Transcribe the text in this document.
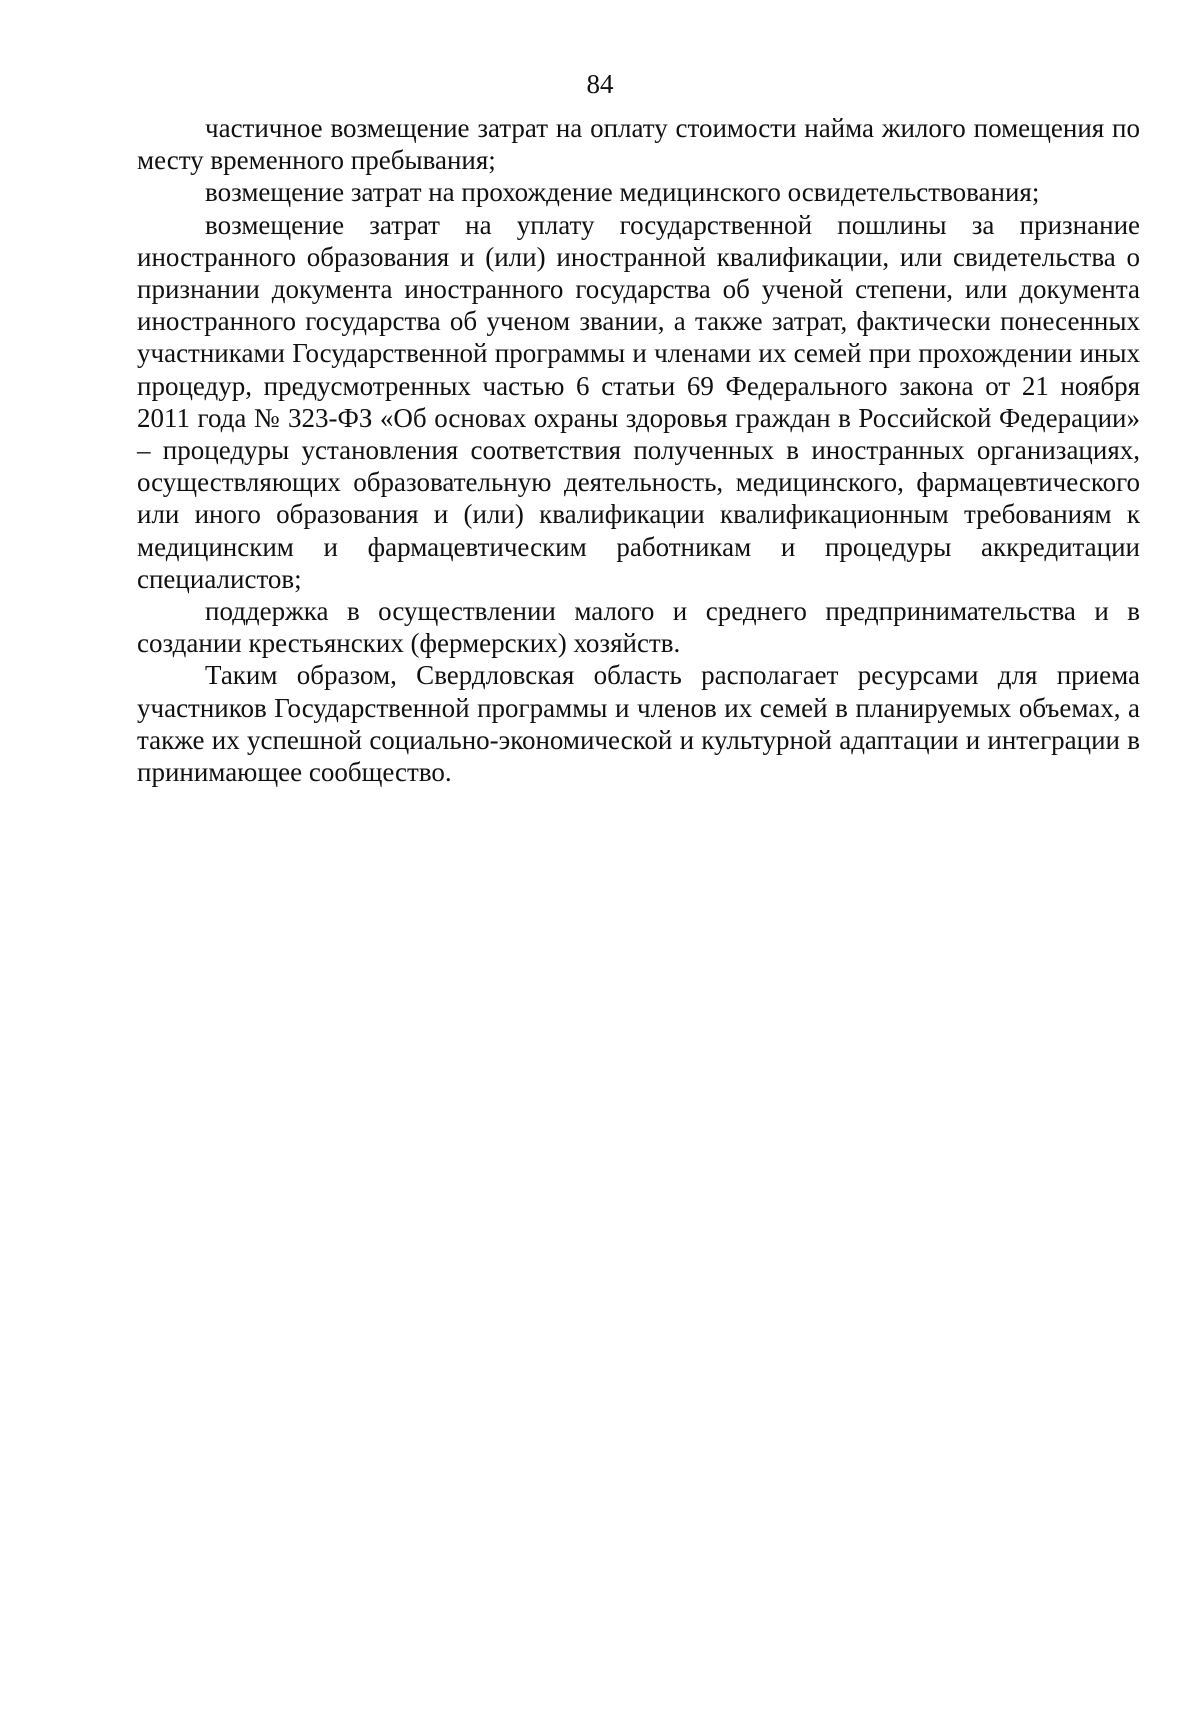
84

частичное возмещение затрат на оплату стоимости найма жилого помещения по месту временного пребывания;

возмещение затрат на прохождение медицинского освидетельствования;

возмещение затрат на уплату государственной пошлины за признание иностранного образования и (или) иностранной квалификации, или свидетельства о признании документа иностранного государства об ученой степени, или документа иностранного государства об ученом звании, а также затрат, фактически понесенных участниками Государственной программы и членами их семей при прохождении иных процедур, предусмотренных частью 6 статьи 69 Федерального закона от 21 ноября 2011 года № 323-ФЗ «Об основах охраны здоровья граждан в Российской Федерации» – процедуры установления соответствия полученных в иностранных организациях, осуществляющих образовательную деятельность, медицинского, фармацевтического или иного образования и (или) квалификации квалификационным требованиям к медицинским и фармацевтическим работникам и процедуры аккредитации специалистов;

поддержка в осуществлении малого и среднего предпринимательства и в создании крестьянских (фермерских) хозяйств.

Таким образом, Свердловская область располагает ресурсами для приема участников Государственной программы и членов их семей в планируемых объемах, а также их успешной социально-экономической и культурной адаптации и интеграции в принимающее сообщество.
